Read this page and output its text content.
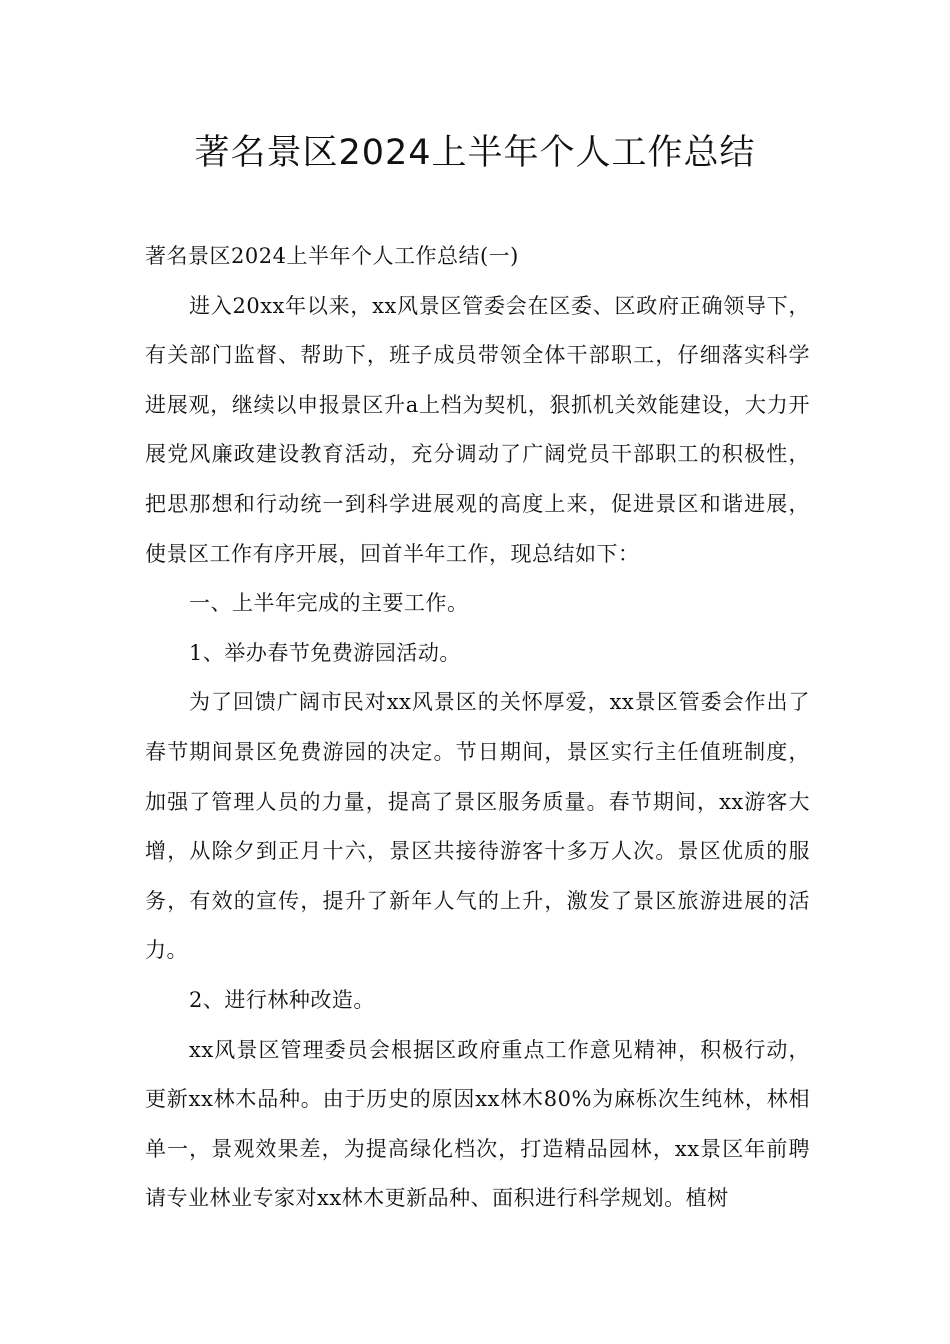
著名景区2024上半年个人工作总结

著名景区2024上半年个人工作总结(一)

进入20xx年以来，xx风景区管委会在区委、区政府正确领导下，有关部门监督、帮助下，班子成员带领全体干部职工，仔细落实科学进展观，继续以申报景区升a上档为契机，狠抓机关效能建设，大力开展党风廉政建设教育活动，充分调动了广阔党员干部职工的积极性，把思那想和行动统一到科学进展观的高度上来，促进景区和谐进展，使景区工作有序开展，回首半年工作，现总结如下：

一、上半年完成的主要工作。

1、举办春节免费游园活动。

为了回馈广阔市民对xx风景区的关怀厚爱，xx景区管委会作出了春节期间景区免费游园的决定。节日期间，景区实行主任值班制度，加强了管理人员的力量，提高了景区服务质量。春节期间，xx游客大增，从除夕到正月十六，景区共接待游客十多万人次。景区优质的服务，有效的宣传，提升了新年人气的上升，激发了景区旅游进展的活力。

2、进行林种改造。

xx风景区管理委员会根据区政府重点工作意见精神，积极行动，更新xx林木品种。由于历史的原因xx林木80%为麻栎次生纯林，林相单一，景观效果差，为提高绿化档次，打造精品园林，xx景区年前聘请专业林业专家对xx林木更新品种、面积进行科学规划。植树
